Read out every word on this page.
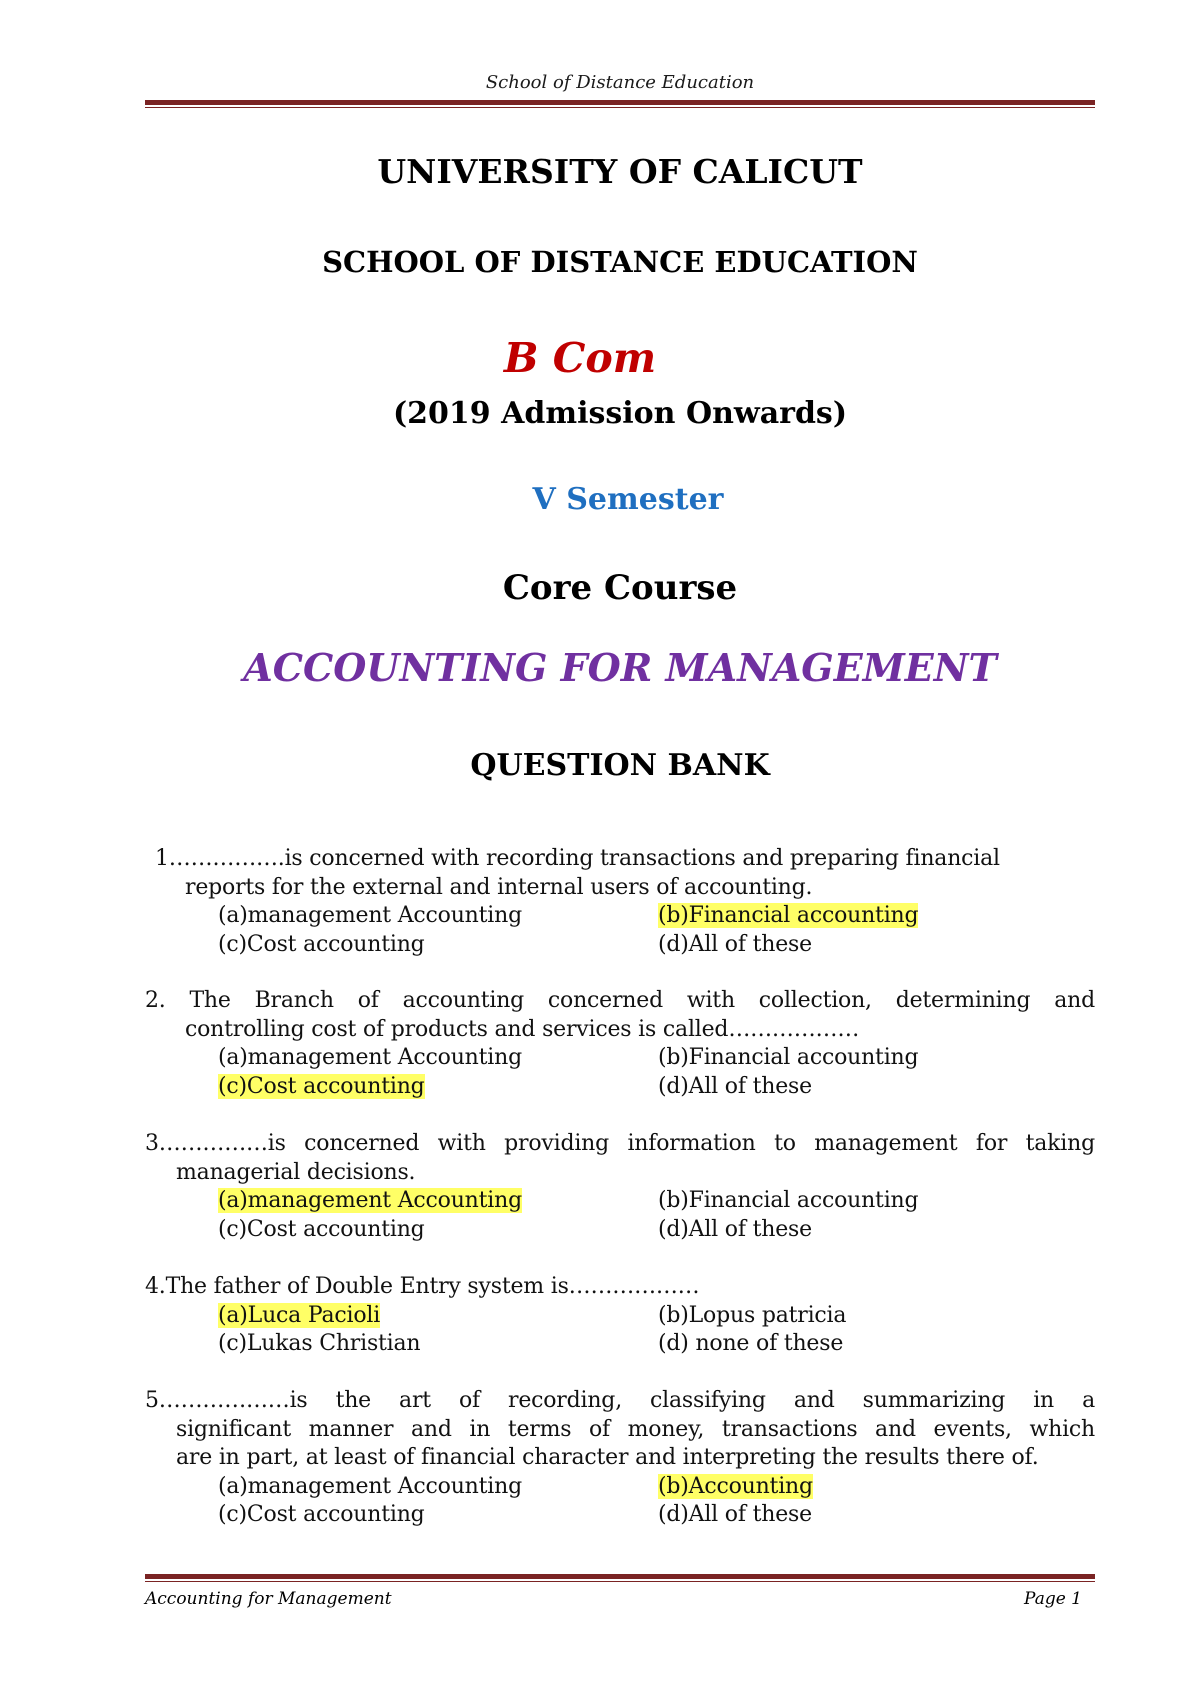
School of Distance Education
UNIVERSITY OF CALICUT
SCHOOL OF DISTANCE EDUCATION
B Com
(2019 Admission Onwards)
V Semester
Core Course
ACCOUNTING FOR MANAGEMENT
QUESTION BANK

1…………….is concerned with recording transactions and preparing financial

reports for the external and internal users of accounting.

(a)management Accounting	(b)Financial accounting
(c)Cost accounting	(d)All of these

2. The Branch of accounting concerned with collection, determining and

controlling cost of products and services is called………………

(a)management Accounting	(b)Financial accounting
(c)Cost accounting	(d)All of these

3……………is concerned with providing information to management for taking

managerial decisions.

(a)management Accounting	(b)Financial accounting
(c)Cost accounting	(d)All of these

4.The father of Double Entry system is………………

(a)Luca Pacioli	(b)Lopus patricia
(c)Lukas Christian	(d) none of these

5………………is the art of recording, classifying and summarizing in a

significant manner and in terms of money, transactions and events, which

are in part, at least of financial character and interpreting the results there of.

(a)management Accounting	(b)Accounting
(c)Cost accounting	(d)All of these
Accounting for Management	Page 1
